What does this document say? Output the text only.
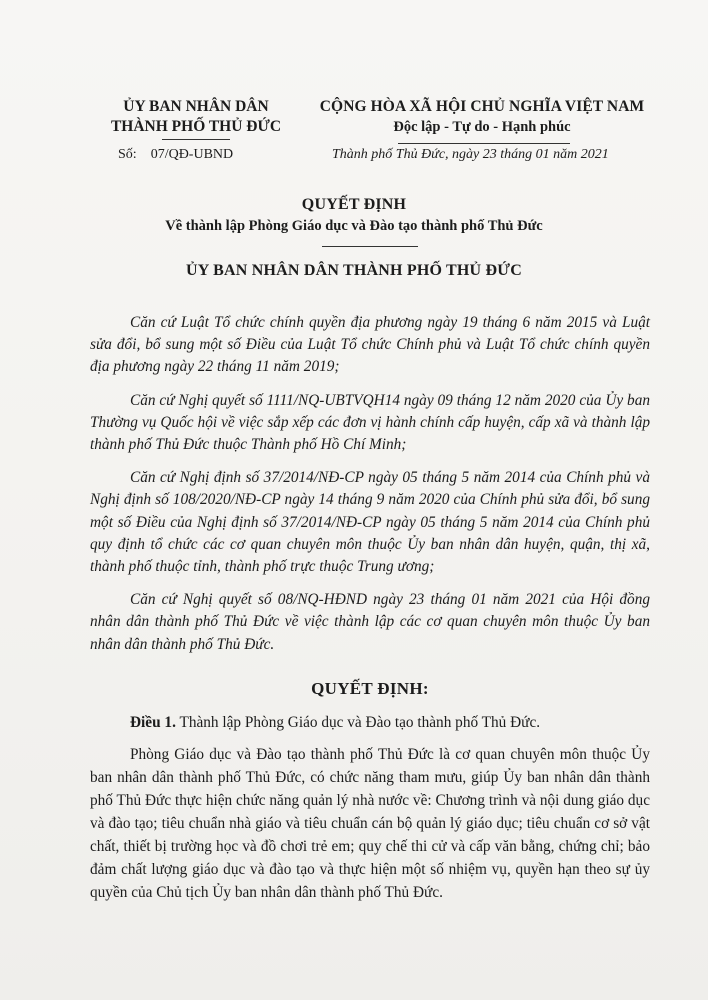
ỦY BAN NHÂN DÂN
THÀNH PHỐ THỦ ĐỨC
CỘNG HÒA XÃ HỘI CHỦ NGHĨA VIỆT NAM
Độc lập - Tự do - Hạnh phúc
Số: 07/QĐ-UBND	Thành phố Thủ Đức, ngày 23 tháng 01 năm 2021
QUYẾT ĐỊNH
Về thành lập Phòng Giáo dục và Đào tạo thành phố Thủ Đức
ỦY BAN NHÂN DÂN THÀNH PHỐ THỦ ĐỨC

Căn cứ Luật Tổ chức chính quyền địa phương ngày 19 tháng 6 năm 2015 và Luật sửa đổi, bổ sung một số Điều của Luật Tổ chức Chính phủ và Luật Tổ chức chính quyền địa phương ngày 22 tháng 11 năm 2019;

Căn cứ Nghị quyết số 1111/NQ-UBTVQH14 ngày 09 tháng 12 năm 2020 của Ủy ban Thường vụ Quốc hội về việc sắp xếp các đơn vị hành chính cấp huyện, cấp xã và thành lập thành phố Thủ Đức thuộc Thành phố Hồ Chí Minh;

Căn cứ Nghị định số 37/2014/NĐ-CP ngày 05 tháng 5 năm 2014 của Chính phủ và Nghị định số 108/2020/NĐ-CP ngày 14 tháng 9 năm 2020 của Chính phủ sửa đổi, bổ sung một số Điều của Nghị định số 37/2014/NĐ-CP ngày 05 tháng 5 năm 2014 của Chính phủ quy định tổ chức các cơ quan chuyên môn thuộc Ủy ban nhân dân huyện, quận, thị xã, thành phố thuộc tỉnh, thành phố trực thuộc Trung ương;

Căn cứ Nghị quyết số 08/NQ-HĐND ngày 23 tháng 01 năm 2021 của Hội đồng nhân dân thành phố Thủ Đức về việc thành lập các cơ quan chuyên môn thuộc Ủy ban nhân dân thành phố Thủ Đức.

QUYẾT ĐỊNH:

Điều 1. Thành lập Phòng Giáo dục và Đào tạo thành phố Thủ Đức.

Phòng Giáo dục và Đào tạo thành phố Thủ Đức là cơ quan chuyên môn thuộc Ủy ban nhân dân thành phố Thủ Đức, có chức năng tham mưu, giúp Ủy ban nhân dân thành phố Thủ Đức thực hiện chức năng quản lý nhà nước về: Chương trình và nội dung giáo dục và đào tạo; tiêu chuẩn nhà giáo và tiêu chuẩn cán bộ quản lý giáo dục; tiêu chuẩn cơ sở vật chất, thiết bị trường học và đồ chơi trẻ em; quy chế thi cử và cấp văn bằng, chứng chỉ; bảo đảm chất lượng giáo dục và đào tạo và thực hiện một số nhiệm vụ, quyền hạn theo sự ủy quyền của Chủ tịch Ủy ban nhân dân thành phố Thủ Đức.
